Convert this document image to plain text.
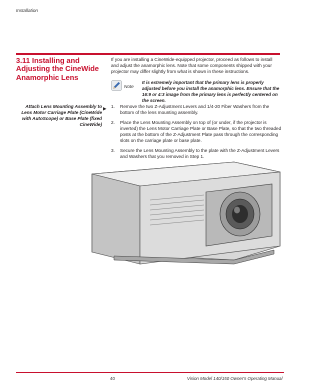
Installation
3.11 Installing and Adjusting the CineWide Anamorphic Lens
If you are installing a CineWide-equipped projector, proceed as follows to install and adjust the anamorphic lens. Note that some components shipped with your projector may differ slightly from what is shown in these instructions.
Note
It is extremely important that the primary lens is properly adjusted before you install the anamorphic lens. Ensure that the 16:9 or 4:3 image from the primary lens is perfectly centered on the screen.
Attach Lens Mounting Assembly to Lens Motor Carriage Plate (CineWide with AutoScope) or Base Plate (fixed CineWide)
▶ 1.	Remove the two Z-Adjustment Levers and 1/4-20 Fiber Washers from the bottom of the lens mounting assembly.
2.	Place the Lens Mounting Assembly on top of (or under, if the projector is inverted) the Lens Motor Carriage Plate or Base Plate, so that the two threaded posts at the bottom of the Z-Adjustment Plate pass through the corresponding slots on the carriage plate or base plate.
3.	Secure the Lens Mounting Assembly to the plate with the Z-Adjustment Levers and Washers that you removed in Step 1.
40	Vision Model 140/150 Owner's Operating Manual
